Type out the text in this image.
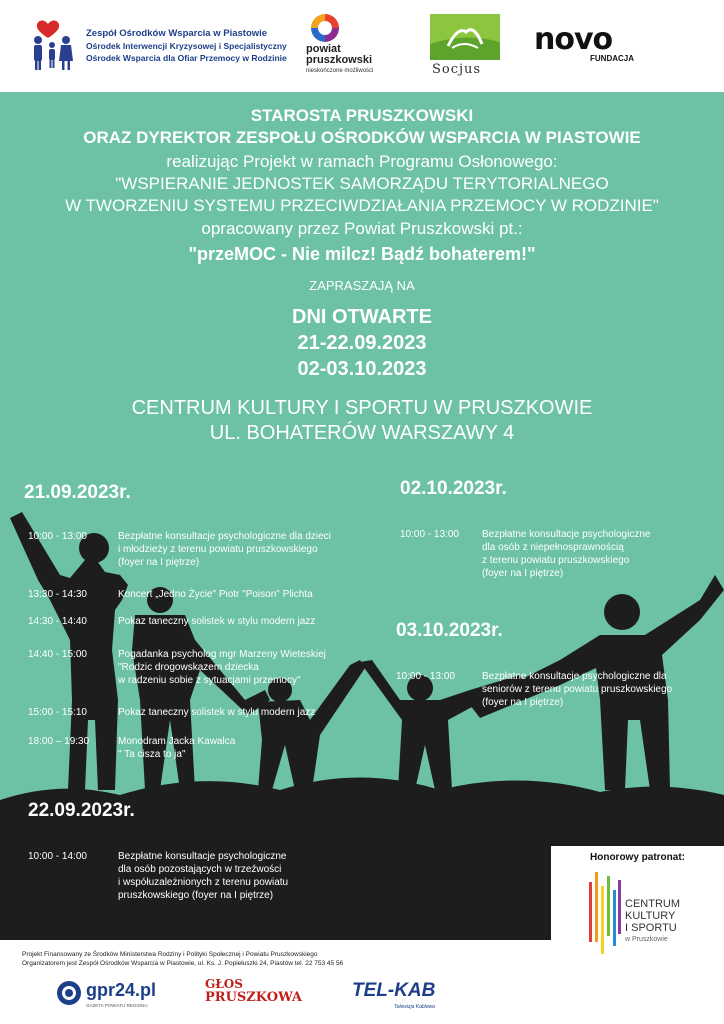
Zespół Ośrodków Wsparcia w Piastowie
Ośrodek Interwencji Kryzysowej i Specjalistyczny
Ośrodek Wsparcia dla Ofiar Przemocy w Rodzinie
powiat
pruszkowski
nieskończone możliwości	Socjus
novo
FUNDACJA
STAROSTA PRUSZKOWSKI
ORAZ DYREKTOR ZESPOŁU OŚRODKÓW WSPARCIA W PIASTOWIE
realizując Projekt w ramach Programu Osłonowego:
"WSPIERANIE JEDNOSTEK SAMORZĄDU TERYTORIALNEGO
W TWORZENIU SYSTEMU PRZECIWDZIAŁANIA PRZEMOCY W RODZINIE"
opracowany przez Powiat Pruszkowski pt.:
"przeMOC - Nie milcz! Bądź bohaterem!"
ZAPRASZAJĄ NA
DNI OTWARTE
21-22.09.2023
02-03.10.2023
CENTRUM KULTURY I SPORTU W PRUSZKOWIE
UL. BOHATERÓW WARSZAWY 4
21.09.2023r.
10:00 - 13:00	Bezpłatne konsultacje psychologiczne dla dzieci
i młodzieży z terenu powiatu pruszkowskiego
(foyer na I piętrze)
13:30 - 14:30	Koncert „Jedno Życie" Piotr "Poison" Plichta
14:30 - 14:40	Pokaz taneczny solistek w stylu modern jazz
14:40 - 15:00	Pogadanka psycholog mgr Marzeny Wieteskiej
"Rodzic drogowskazem dziecka
w radzeniu sobie z sytuacjami przemocy"
15:00 - 15:10	Pokaz taneczny solistek w stylu modern jazz
18:00 – 19:30	Monodram Jacka Kawalca
" Ta cisza to ja"
02.10.2023r.
10:00 - 13:00 Bezpłatne konsultacje psychologiczne
dla osób z niepełnosprawnością
z terenu powiatu pruszkowskiego
(foyer na I piętrze)
03.10.2023r.
10:00 - 13:00	Bezpłatne konsultacje psychologiczne dla
seniorów z terenu powiatu pruszkowskiego
(foyer na I piętrze)
22.09.2023r.
10:00 - 14:00	Bezpłatne konsultacje psychologiczne
dla osób pozostających w trzeźwości
i współuzależnionych z terenu powiatu
pruszkowskiego (foyer na I piętrze)
Honorowy patronat:
CENTRUM
KULTURY
I SPORTU
w Pruszkowie
Projekt Finansowany ze Środków Ministerstwa Rodziny i Polityki Społecznej i Powiatu Pruszkowskiego
Organizatorem jest Zespół Ośrodków Wsparcia w Piastowie, ul. Ks. J. Popiełuszki 24, Piastów tel. 22 753 45 56
gpr24.pl
GAZETA POWIATU REGIONU
GŁOS
PRUSZKOWA	TEL-KAB
Telewizja Kablowa
